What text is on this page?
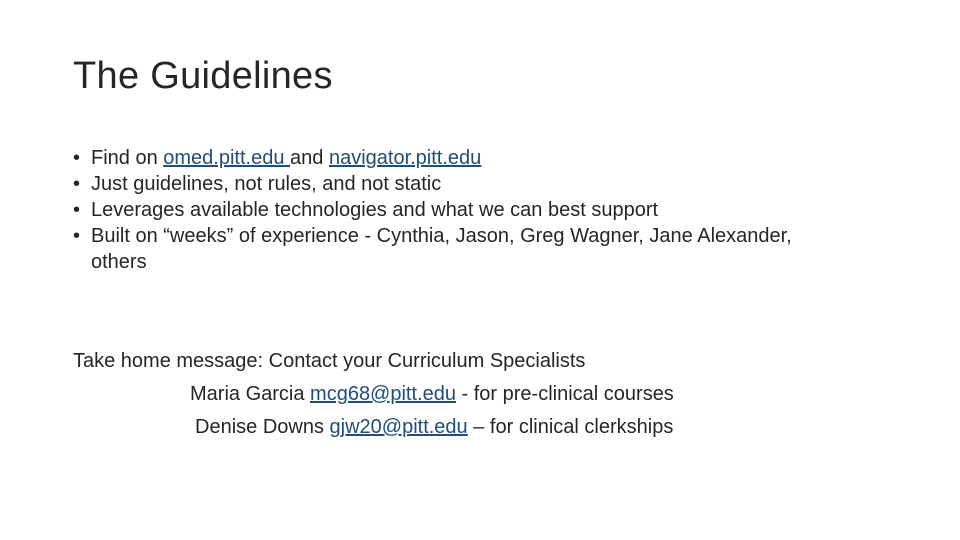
The Guidelines
• Find on omed.pitt.edu and navigator.pitt.edu
• Just guidelines, not rules, and not static
• Leverages available technologies and what we can best support
• Built on “weeks” of experience - Cynthia, Jason, Greg Wagner, Jane Alexander, others
Take home message: Contact your Curriculum Specialists
Maria Garcia mcg68@pitt.edu - for pre-clinical courses
Denise Downs gjw20@pitt.edu – for clinical clerkships
